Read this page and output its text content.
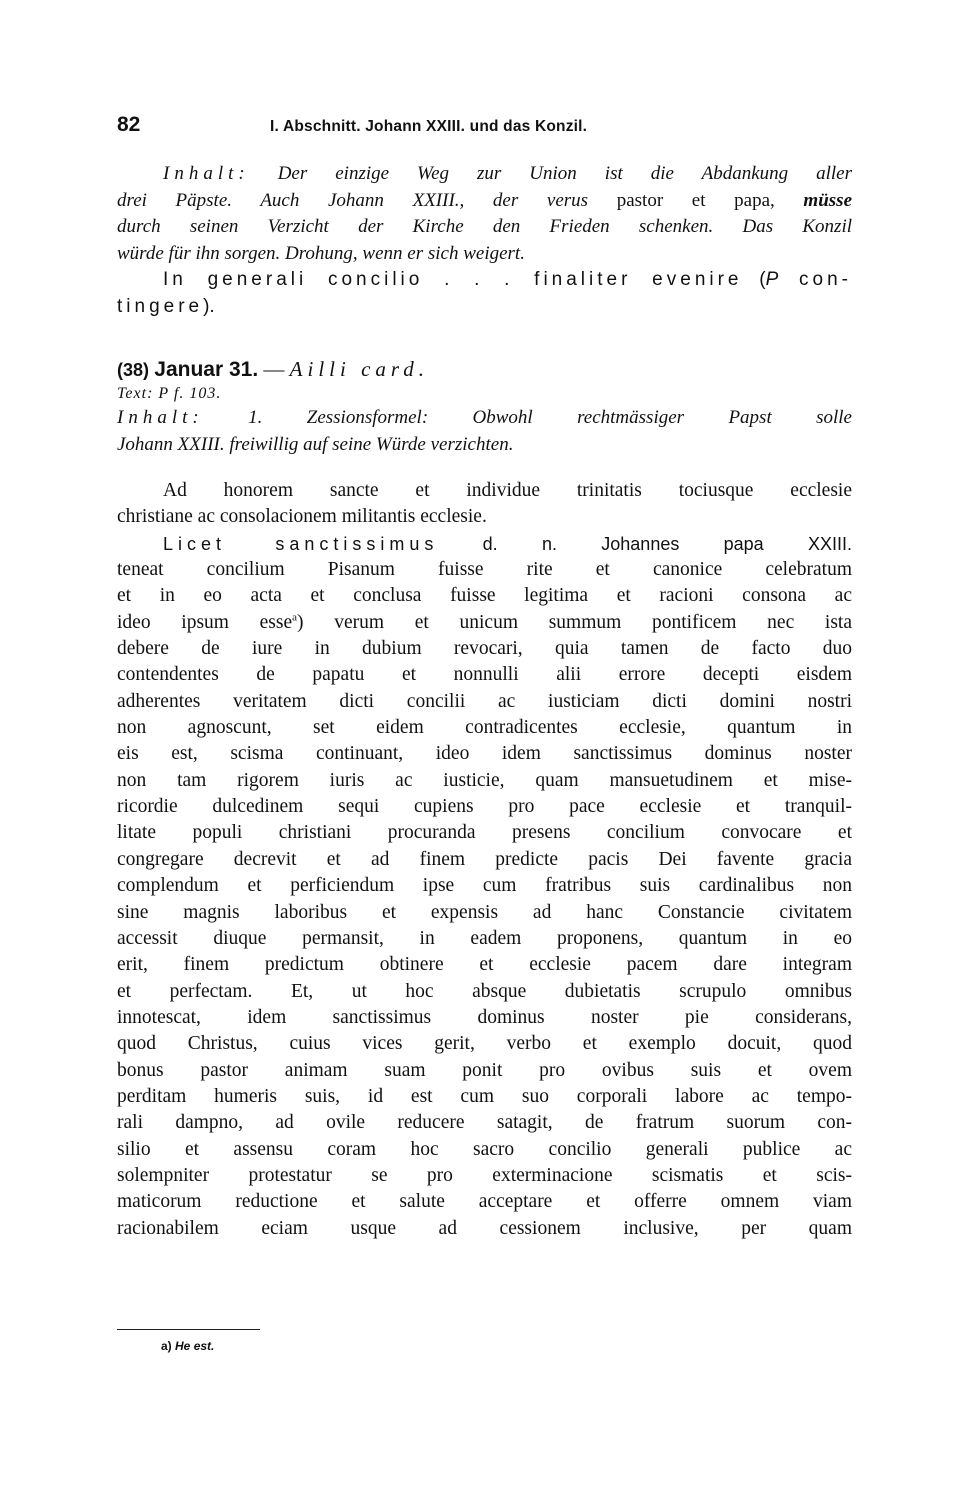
82	I. Abschnitt. Johann XXIII. und das Konzil.
Inhalt: Der einzige Weg zur Union ist die Abdankung aller
drei Päpste. Auch Johann XXIII., der verus pastor et papa, müsse
durch seinen Verzicht der Kirche den Frieden schenken. Das Konzil
würde für ihn sorgen. Drohung, wenn er sich weigert.
In generali concilio . . . finaliter evenire (P con-
tingere).
(38) Januar 31. — Ailli card.
Text: P f. 103.
Inhalt: 1. Zessionsformel: Obwohl rechtmässiger Papst solle
Johann XXIII. freiwillig auf seine Würde verzichten.
Ad honorem sancte et individue trinitatis tociusque ecclesie
christiane ac consolacionem militantis ecclesie.
Licet sanctissimus d. n. Johannes papa XXIII.
teneat concilium Pisanum fuisse rite et canonice celebratum
et in eo acta et conclusa fuisse legitima et racioni consona ac
ideo ipsum esse$^a$) verum et unicum summum pontificem nec ista
debere de iure in dubium revocari, quia tamen de facto duo
contendentes de papatu et nonnulli alii errore decepti eisdem
adherentes veritatem dicti concilii ac iusticiam dicti domini nostri
non agnoscunt, set eidem contradicentes ecclesie, quantum in
eis est, scisma continuant, ideo idem sanctissimus dominus noster
non tam rigorem iuris ac iusticie, quam mansuetudinem et mise-
ricordie dulcedinem sequi cupiens pro pace ecclesie et tranquil-
litate populi christiani procuranda presens concilium convocare et
congregare decrevit et ad finem predicte pacis Dei favente gracia
complendum et perficiendum ipse cum fratribus suis cardinalibus non
sine magnis laboribus et expensis ad hanc Constancie civitatem
accessit diuque permansit, in eadem proponens, quantum in eo
erit, finem predictum obtinere et ecclesie pacem dare integram
et perfectam. Et, ut hoc absque dubietatis scrupulo omnibus
innotescat, idem sanctissimus dominus noster pie considerans,
quod Christus, cuius vices gerit, verbo et exemplo docuit, quod
bonus pastor animam suam ponit pro ovibus suis et ovem
perditam humeris suis, id est cum suo corporali labore ac tempo-
rali dampno, ad ovile reducere satagit, de fratrum suorum con-
silio et assensu coram hoc sacro concilio generali publice ac
solempniter protestatur se pro exterminacione scismatis et scis-
maticorum reductione et salute acceptare et offerre omnem viam
racionabilem eciam usque ad cessionem inclusive, per quam
a) He est.
